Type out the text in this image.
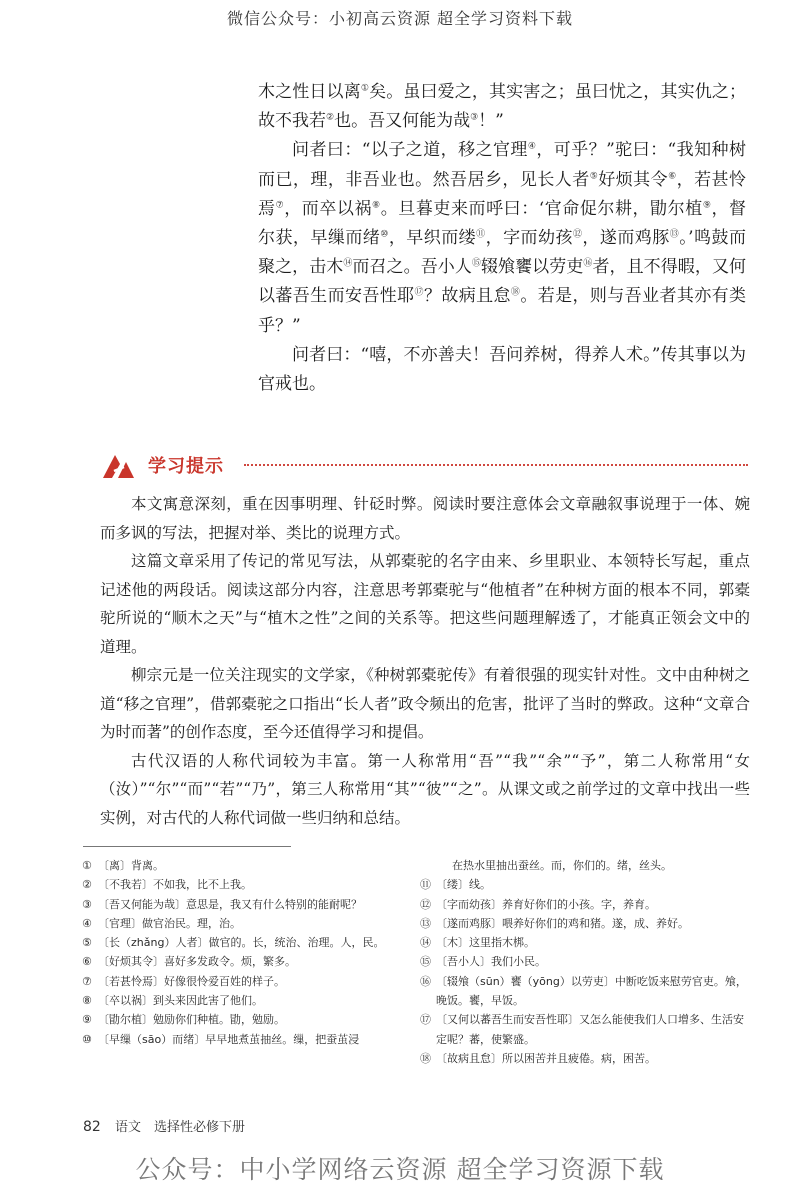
微信公众号：小初高云资源 超全学习资料下载

木之性日以离①矣。虽曰爱之，其实害之；虽曰忧之，其实仇之；故不我若②也。吾又何能为哉③！”

问者曰：“以子之道，移之官理④，可乎？”驼曰：“我知种树而已，理，非吾业也。然吾居乡，见长人者⑤好烦其令⑥，若甚怜焉⑦，而卒以祸⑧。旦暮吏来而呼曰：‘官命促尔耕，勖尔植⑨，督尔获，早缫而绪⑩，早织而缕⑪，字而幼孩⑫，遂而鸡豚⑬。’鸣鼓而聚之，击木⑭而召之。吾小人⑮辍飧饔以劳吏⑯者，且不得暇，又何以蕃吾生而安吾性耶⑰？故病且怠⑱。若是，则与吾业者其亦有类乎？”

问者曰：“嘻，不亦善夫！吾问养树，得养人术。”传其事以为官戒也。

学习提示

本文寓意深刻，重在因事明理、针砭时弊。阅读时要注意体会文章融叙事说理于一体、婉而多讽的写法，把握对举、类比的说理方式。

这篇文章采用了传记的常见写法，从郭橐驼的名字由来、乡里职业、本领特长写起，重点记述他的两段话。阅读这部分内容，注意思考郭橐驼与“他植者”在种树方面的根本不同，郭橐驼所说的“顺木之天”与“植木之性”之间的关系等。把这些问题理解透了，才能真正领会文中的道理。

柳宗元是一位关注现实的文学家，《种树郭橐驼传》有着很强的现实针对性。文中由种树之道“移之官理”，借郭橐驼之口指出“长人者”政令频出的危害，批评了当时的弊政。这种“文章合为时而著”的创作态度，至今还值得学习和提倡。

古代汉语的人称代词较为丰富。第一人称常用“吾”“我”“余”“予”，第二人称常用“女（汝）”“尔”“而”“若”“乃”，第三人称常用“其”“彼”“之”。从课文或之前学过的文章中找出一些实例，对古代的人称代词做一些归纳和总结。

① 〔离〕背离。
② 〔不我若〕不如我，比不上我。
③ 〔吾又何能为哉〕意思是，我又有什么特别的能耐呢？
④ 〔官理〕做官治民。理，治。
⑤ 〔长（zhǎng）人者〕做官的。长，统治、治理。人，民。
⑥ 〔好烦其令〕喜好多发政令。烦，繁多。
⑦ 〔若甚怜焉〕好像很怜爱百姓的样子。
⑧ 〔卒以祸〕到头来因此害了他们。
⑨ 〔勖尔植〕勉励你们种植。勖，勉励。
⑩ 〔早缫（sāo）而绪〕早早地煮茧抽丝。缫，把蚕茧浸
在热水里抽出蚕丝。而，你们的。绪，丝头。
⑪ 〔缕〕线。
⑫ 〔字而幼孩〕养育好你们的小孩。字，养育。
⑬ 〔遂而鸡豚〕喂养好你们的鸡和猪。遂，成、养好。
⑭ 〔木〕这里指木梆。
⑮ 〔吾小人〕我们小民。
⑯ 〔辍飧（sūn）饔（yōng）以劳吏〕中断吃饭来慰劳官吏。飧，晚饭。饔，早饭。
⑰ 〔又何以蕃吾生而安吾性耶〕又怎么能使我们人口增多、生活安定呢？蕃，使繁盛。
⑱ 〔故病且怠〕所以困苦并且疲倦。病，困苦。
82 语文　选择性必修下册
公众号：中小学网络云资源 超全学习资源下载
